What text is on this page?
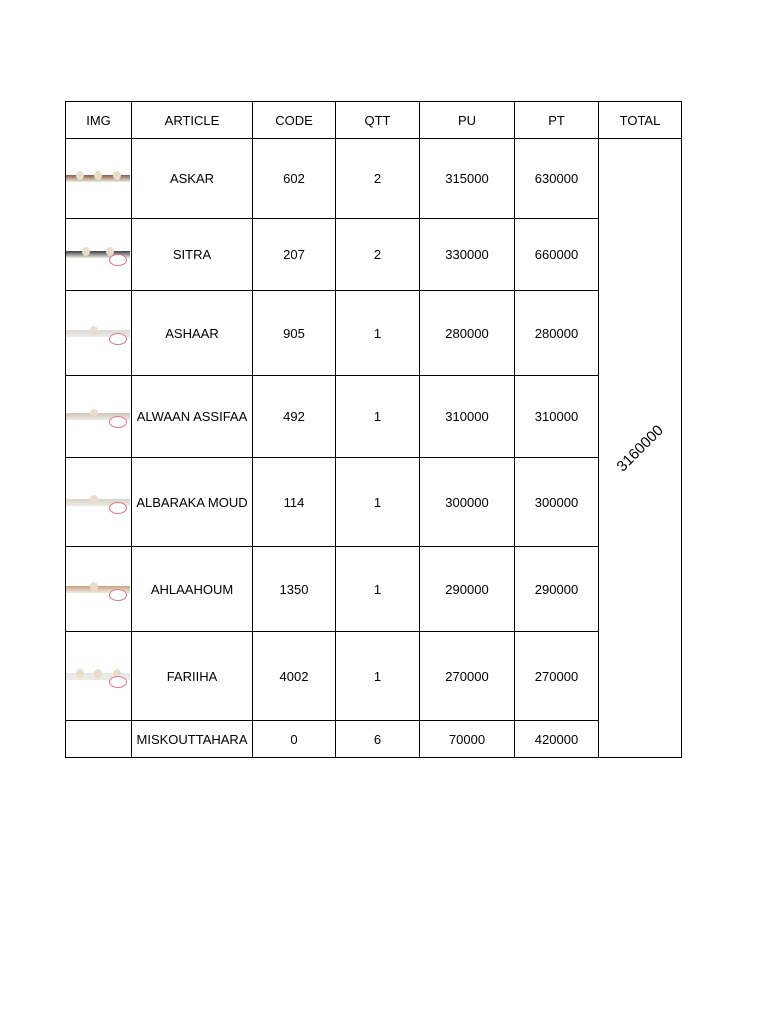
IMG	ARTICLE	CODE	QTT	PU	PT	TOTAL

	ASKAR	602	2	315000	630000	3160000

	SITRA	207	2	330000	660000	

	ASHAAR	905	1	280000	280000	

	ALWAAN ASSIFAA	492	1	310000	310000	

	ALBARAKA MOUD	114	1	300000	300000	

	AHLAAHOUM	1350	1	290000	290000	

	FARIIHA	4002	1	270000	270000	
	MISKOUTTAHARA	0	6	70000	420000	
